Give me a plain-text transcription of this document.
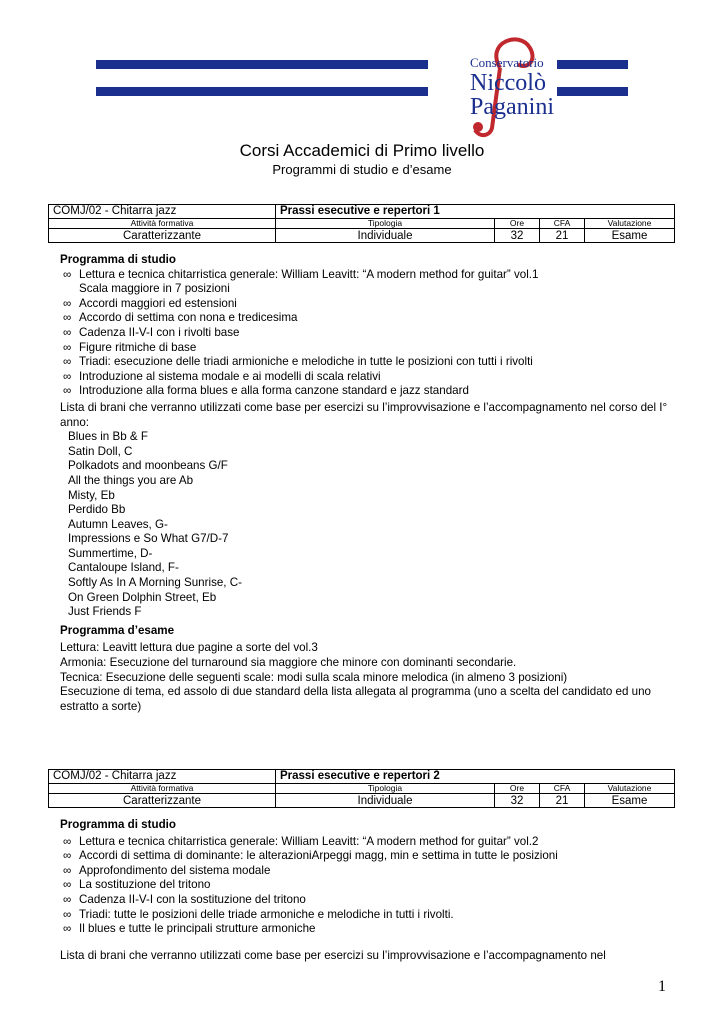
Conservatorio
Niccolò
Paganini
Corsi Accademici di Primo livello
Programmi di studio e d’esame
COMJ/02 - Chitarra jazz	Prassi esecutive e repertori 1			
Attività formativa	Tipologia	Ore	CFA	Valutazione
Caratterizzante	Individuale	32	21	Esame
Programma di studio
∞ Lettura e tecnica chitarristica generale: William Leavitt: “A modern method for guitar” vol.1
Scala maggiore in 7 posizioni
∞ Accordi maggiori ed estensioni
∞ Accordo di settima con nona e tredicesima
∞ Cadenza II-V-I con i rivolti base
∞ Figure ritmiche di base
∞ Triadi: esecuzione delle triadi armioniche e melodiche in tutte le posizioni con tutti i rivolti
∞ Introduzione al sistema modale e ai modelli di scala relativi
∞ Introduzione alla forma blues e alla forma canzone standard e jazz standard
Lista di brani che verranno utilizzati come base per esercizi su l’improvvisazione e l’accompagnamento nel corso del I° anno:
Blues in Bb & F
Satin Doll, C
Polkadots and moonbeans G/F
All the things you are Ab
Misty, Eb
Perdido Bb
Autumn Leaves, G-
Impressions e So What G7/D-7
Summertime, D-
Cantaloupe Island, F-
Softly As In A Morning Sunrise, C-
On Green Dolphin Street, Eb
Just Friends F
Programma d’esame
Lettura: Leavitt lettura due pagine a sorte del vol.3
Armonia: Esecuzione del turnaround sia maggiore che minore con dominanti secondarie.
Tecnica: Esecuzione delle seguenti scale: modi sulla scala minore melodica (in almeno 3 posizioni)
Esecuzione di tema, ed assolo di due standard della lista allegata al programma (uno a scelta del candidato ed uno estratto a sorte)
COMJ/02 - Chitarra jazz	Prassi esecutive e repertori 2			
Attività formativa	Tipologia	Ore	CFA	Valutazione
Caratterizzante	Individuale	32	21	Esame
Programma di studio
∞ Lettura e tecnica chitarristica generale: William Leavitt: “A modern method for guitar” vol.2
∞ Accordi di settima di dominante: le alterazioniArpeggi magg, min e settima in tutte le posizioni
∞ Approfondimento del sistema modale
∞ La sostituzione del tritono
∞ Cadenza II-V-I con la sostituzione del tritono
∞ Triadi: tutte le posizioni delle triade armoniche e melodiche in tutti i rivolti.
∞ Il blues e tutte le principali strutture armoniche
Lista di brani che verranno utilizzati come base per esercizi su l’improvvisazione e l’accompagnamento nel
1
